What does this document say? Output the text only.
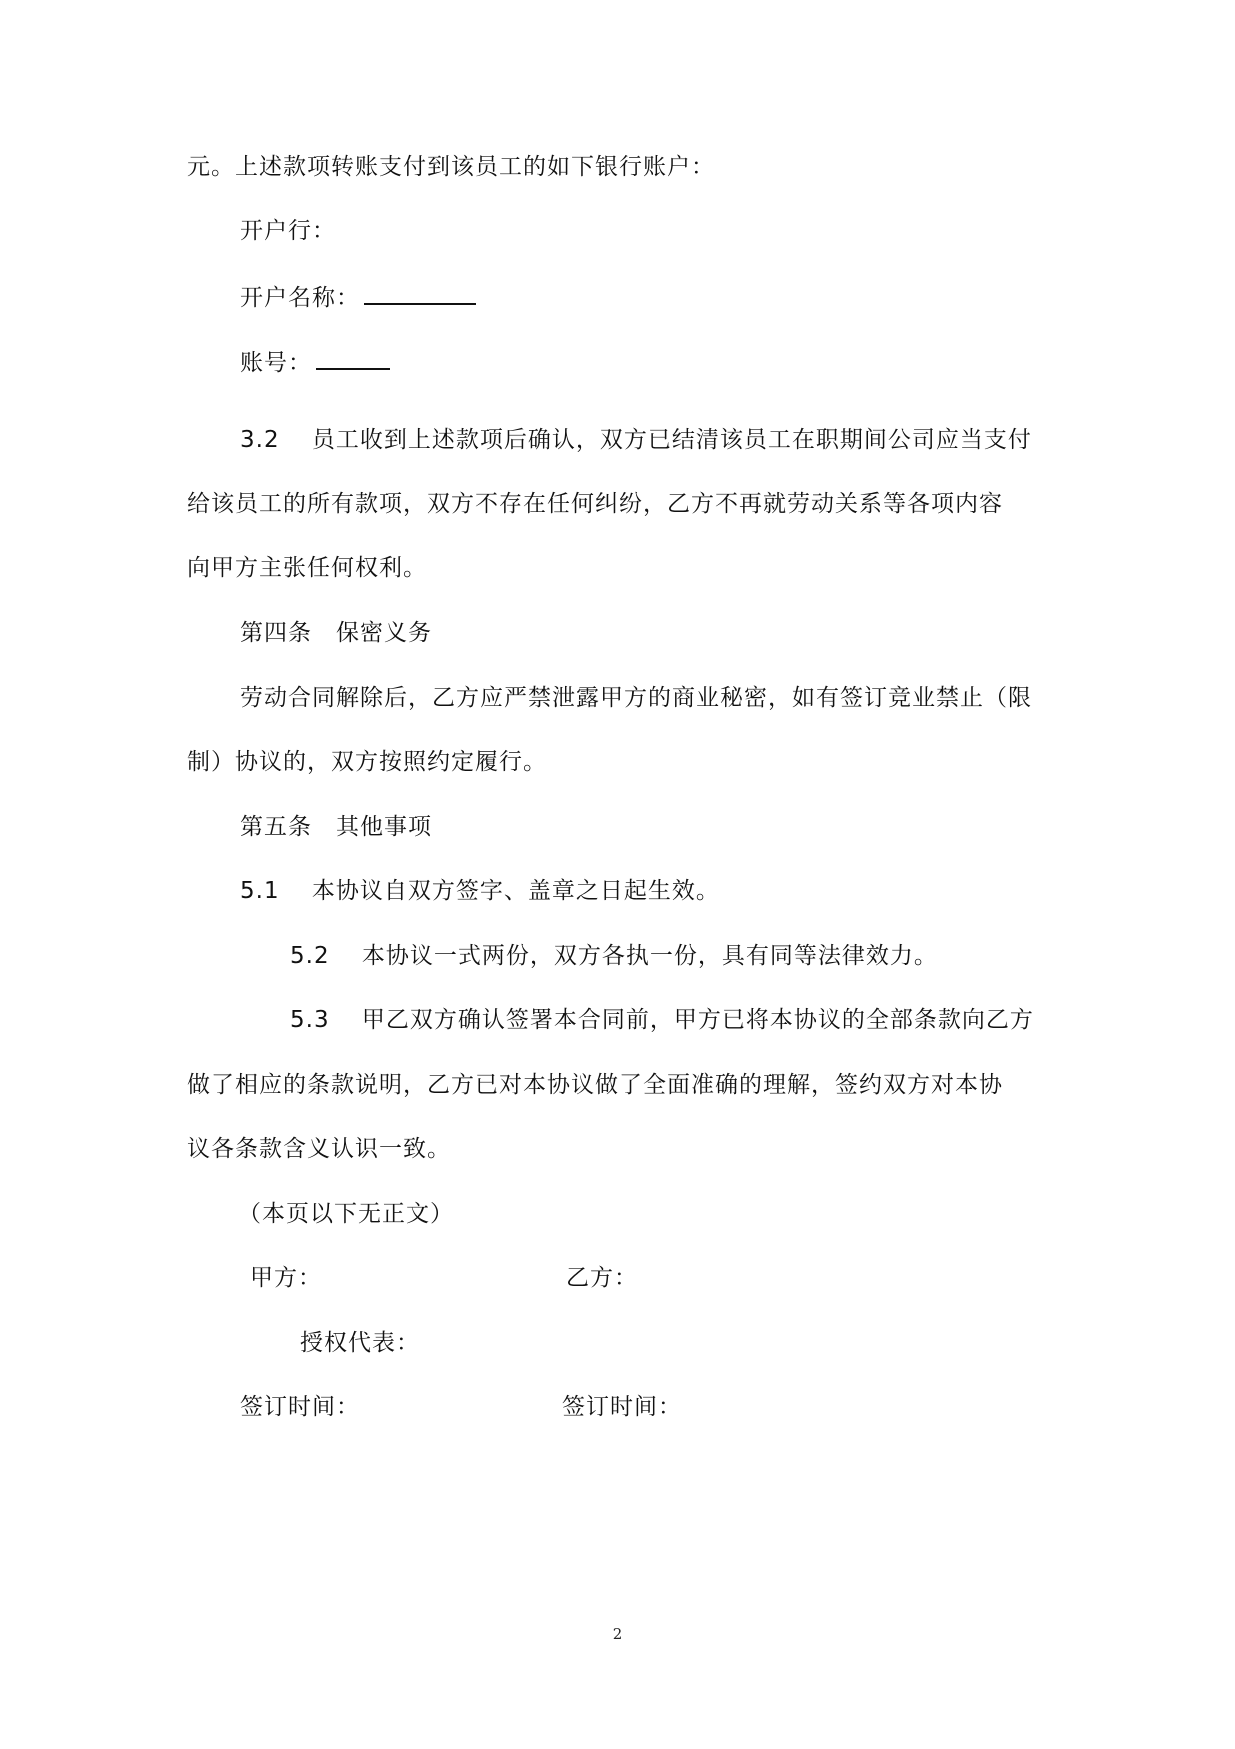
元。上述款项转账支付到该员工的如下银行账户：
开户行：
开户名称：
账号：
3.2 员工收到上述款项后确认，双方已结清该员工在职期间公司应当支付
给该员工的所有款项，双方不存在任何纠纷，乙方不再就劳动关系等各项内容
向甲方主张任何权利。
第四条　保密义务
劳动合同解除后，乙方应严禁泄露甲方的商业秘密，如有签订竞业禁止（限
制）协议的，双方按照约定履行。
第五条　其他事项
5.1 本协议自双方签字、盖章之日起生效。
5.2 本协议一式两份，双方各执一份，具有同等法律效力。
5.3 甲乙双方确认签署本合同前，甲方已将本协议的全部条款向乙方
做了相应的条款说明，乙方已对本协议做了全面准确的理解，签约双方对本协
议各条款含义认识一致。
（本页以下无正文）
甲方：	乙方：
授权代表：
签订时间：	签订时间：
2
